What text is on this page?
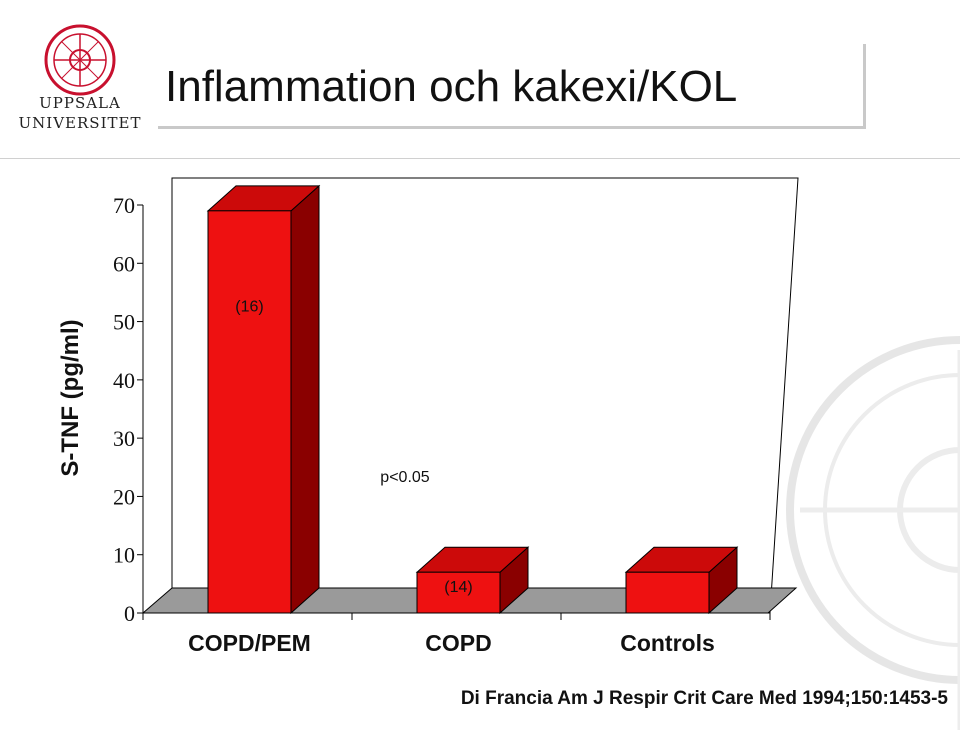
UPPSALA
UNIVERSITET
Inflammation och kakexi/KOL
0
10
20
30
40
50
60
70
S-TNF (pg/ml)
COPD/PEM
(16)
COPD
(14)
Controls
p<0.05
Di Francia Am J Respir Crit Care Med 1994;150:1453-5
